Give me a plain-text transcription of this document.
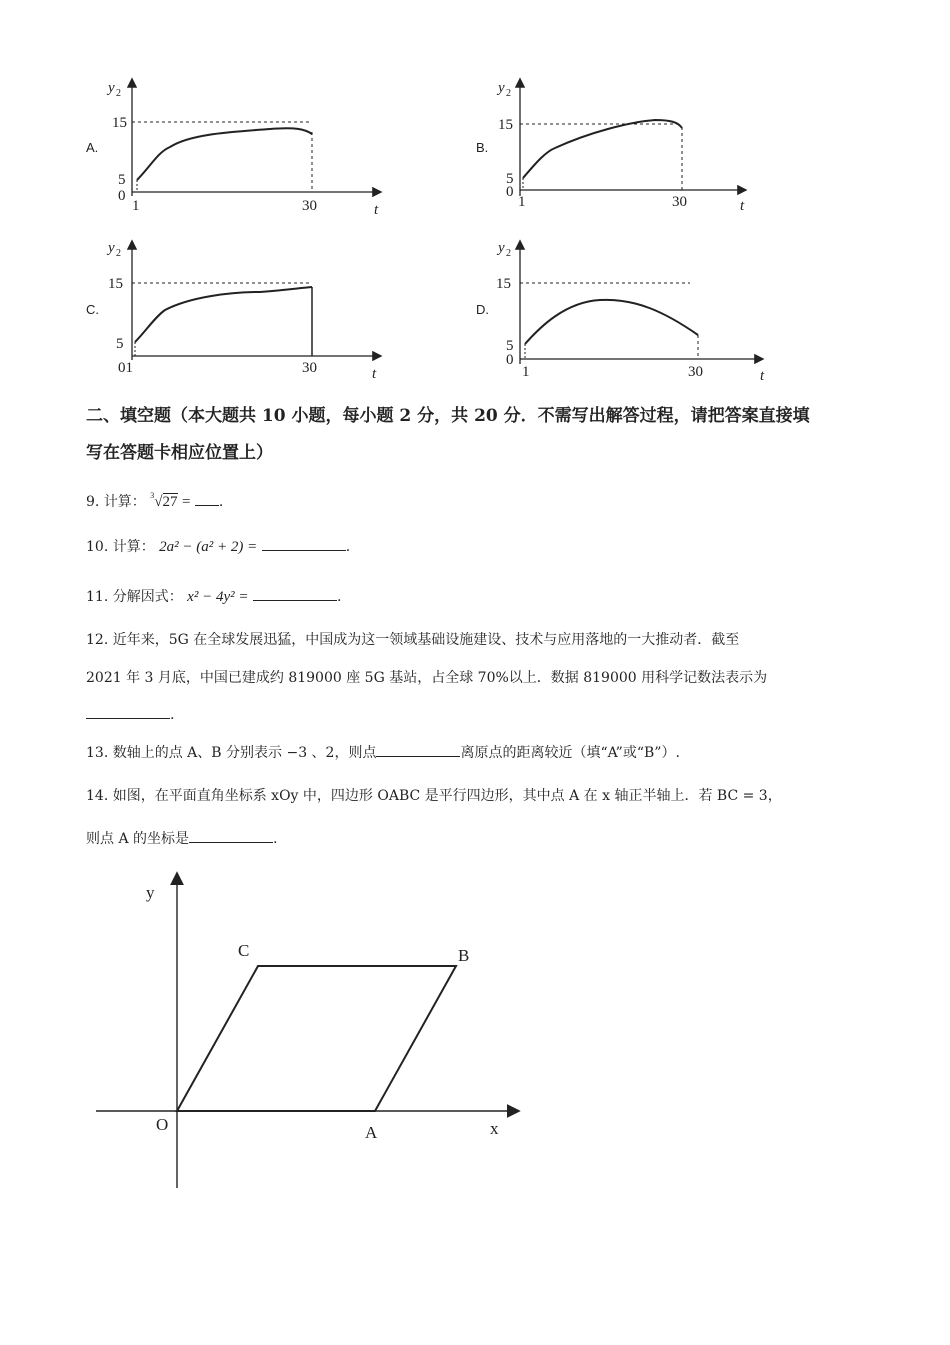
A.	B.
C.	D.
y 2
15
5
0
1	30	t
y 2
15
5
0
1	30	t
y 2
15
5
01	30	t
y 2
15
5
0
1	30	t
二、填空题（本大题共 10 小题，每小题 2 分，共 20 分．不需写出解答过程，请把答案直接填
写在答题卡相应位置上）
9. 计算： $^3$√27 = .
10. 计算： 2a² − (a² + 2) =	.
11. 分解因式： x² − 4y² =	.
12. 近年来，5G 在全球发展迅猛，中国成为这一领域基础设施建设、技术与应用落地的一大推动者．截至
2021 年 3 月底，中国已建成约 819000 座 5G 基站，占全球 70%以上．数据 819000 用科学记数法表示为
.
13. 数轴上的点 A、B 分别表示 −3 、2，则点	离原点的距离较近（填“A”或“B”）.
14. 如图，在平面直角坐标系 xOy 中，四边形 OABC 是平行四边形，其中点 A 在 x 轴正半轴上．若 BC = 3，
则点 A 的坐标是	.
y
x
O	A
B
C
